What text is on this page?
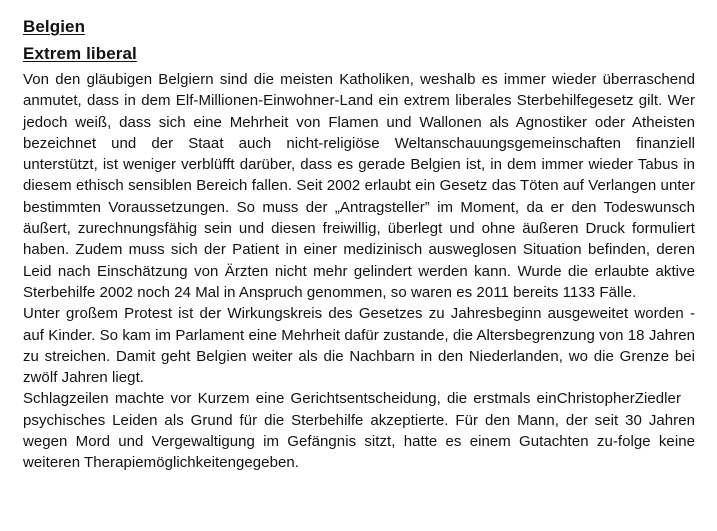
Belgien
Extrem liberal

Von den gläubigen Belgiern sind die meisten Katholiken, weshalb es immer wieder überraschend anmutet, dass in dem Elf-Millionen-Einwohner-Land ein extrem liberales Sterbehilfegesetz gilt. Wer jedoch weiß, dass sich eine Mehrheit von Flamen und Wallonen als Agnostiker oder Atheisten bezeichnet und der Staat auch nicht-religiöse Weltanschauungsgemeinschaften finanziell unterstützt, ist weniger verblüfft darüber, dass es gerade Belgien ist, in dem immer wieder Tabus in diesem ethisch sensiblen Bereich fallen. Seit 2002 erlaubt ein Gesetz das Töten auf Verlangen unter bestimmten Voraussetzungen. So muss der „Antragsteller” im Moment, da er den Todeswunsch äußert, zurechnungsfähig sein und diesen freiwillig, überlegt und ohne äußeren Druck formuliert haben. Zudem muss sich der Patient in einer medizinisch ausweglosen Situation befinden, deren Leid nach Einschätzung von Ärzten nicht mehr gelindert werden kann. Wurde die erlaubte aktive Sterbehilfe 2002 noch 24 Mal in Anspruch genommen, so waren es 2011 bereits 1133 Fälle.

Unter großem Protest ist der Wirkungskreis des Gesetzes zu Jahresbeginn ausgeweitet worden - auf Kinder. So kam im Parlament eine Mehrheit dafür zustande, die Altersbegrenzung von 18 Jahren zu streichen. Damit geht Belgien weiter als die Nachbarn in den Niederlanden, wo die Grenze bei zwölf Jahren liegt.

ChristopherZiedler
Schlagzeilen machte vor Kurzem eine Gerichtsentscheidung, die erstmals ein psychisches Leiden als Grund für die Sterbehilfe akzeptierte. Für den Mann, der seit 30 Jahren wegen Mord und Vergewaltigung im Gefängnis sitzt, hatte es einem Gutachten zu-folge keine weiteren Therapiemöglichkeitengegeben.
